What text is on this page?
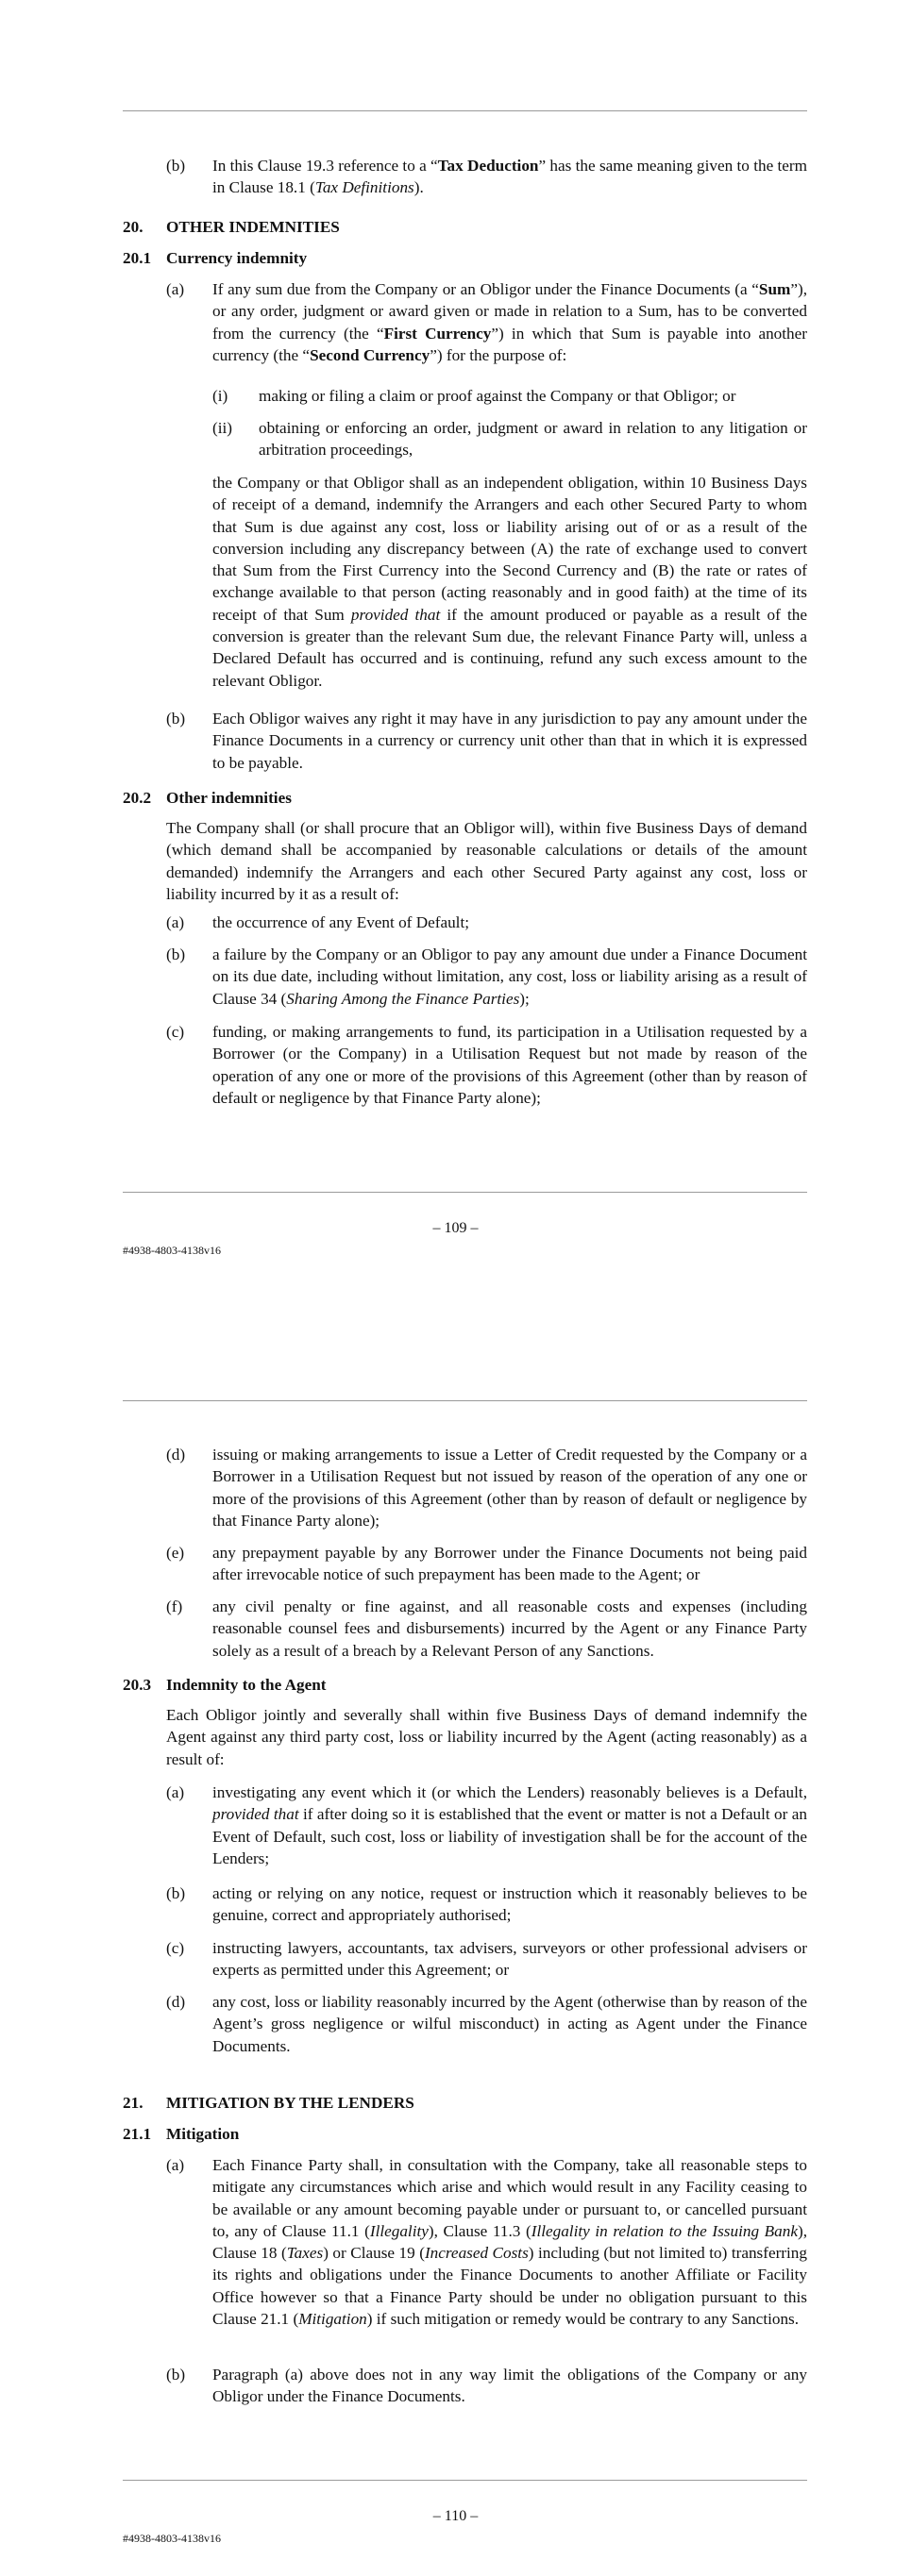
(b) In this Clause 19.3 reference to a “Tax Deduction” has the same meaning given to the term in Clause 18.1 (Tax Definitions).
20. OTHER INDEMNITIES
20.1 Currency indemnity
(a) If any sum due from the Company or an Obligor under the Finance Documents (a “Sum”), or any order, judgment or award given or made in relation to a Sum, has to be converted from the currency (the “First Currency”) in which that Sum is payable into another currency (the “Second Currency”) for the purpose of:
(i) making or filing a claim or proof against the Company or that Obligor; or
(ii) obtaining or enforcing an order, judgment or award in relation to any litigation or arbitration proceedings,
the Company or that Obligor shall as an independent obligation, within 10 Business Days of receipt of a demand, indemnify the Arrangers and each other Secured Party to whom that Sum is due against any cost, loss or liability arising out of or as a result of the conversion including any discrepancy between (A) the rate of exchange used to convert that Sum from the First Currency into the Second Currency and (B) the rate or rates of exchange available to that person (acting reasonably and in good faith) at the time of its receipt of that Sum provided that if the amount produced or payable as a result of the conversion is greater than the relevant Sum due, the relevant Finance Party will, unless a Declared Default has occurred and is continuing, refund any such excess amount to the relevant Obligor.
(b) Each Obligor waives any right it may have in any jurisdiction to pay any amount under the Finance Documents in a currency or currency unit other than that in which it is expressed to be payable.
20.2 Other indemnities
The Company shall (or shall procure that an Obligor will), within five Business Days of demand (which demand shall be accompanied by reasonable calculations or details of the amount demanded) indemnify the Arrangers and each other Secured Party against any cost, loss or liability incurred by it as a result of:
(a) the occurrence of any Event of Default;
(b) a failure by the Company or an Obligor to pay any amount due under a Finance Document on its due date, including without limitation, any cost, loss or liability arising as a result of Clause 34 (Sharing Among the Finance Parties);
(c) funding, or making arrangements to fund, its participation in a Utilisation requested by a Borrower (or the Company) in a Utilisation Request but not made by reason of the operation of any one or more of the provisions of this Agreement (other than by reason of default or negligence by that Finance Party alone);
– 109 –
#4938-4803-4138v16
(d) issuing or making arrangements to issue a Letter of Credit requested by the Company or a Borrower in a Utilisation Request but not issued by reason of the operation of any one or more of the provisions of this Agreement (other than by reason of default or negligence by that Finance Party alone);
(e) any prepayment payable by any Borrower under the Finance Documents not being paid after irrevocable notice of such prepayment has been made to the Agent; or
(f) any civil penalty or fine against, and all reasonable costs and expenses (including reasonable counsel fees and disbursements) incurred by the Agent or any Finance Party solely as a result of a breach by a Relevant Person of any Sanctions.
20.3 Indemnity to the Agent
Each Obligor jointly and severally shall within five Business Days of demand indemnify the Agent against any third party cost, loss or liability incurred by the Agent (acting reasonably) as a result of:
(a) investigating any event which it (or which the Lenders) reasonably believes is a Default, provided that if after doing so it is established that the event or matter is not a Default or an Event of Default, such cost, loss or liability of investigation shall be for the account of the Lenders;
(b) acting or relying on any notice, request or instruction which it reasonably believes to be genuine, correct and appropriately authorised;
(c) instructing lawyers, accountants, tax advisers, surveyors or other professional advisers or experts as permitted under this Agreement; or
(d) any cost, loss or liability reasonably incurred by the Agent (otherwise than by reason of the Agent’s gross negligence or wilful misconduct) in acting as Agent under the Finance Documents.
21. MITIGATION BY THE LENDERS
21.1 Mitigation
(a) Each Finance Party shall, in consultation with the Company, take all reasonable steps to mitigate any circumstances which arise and which would result in any Facility ceasing to be available or any amount becoming payable under or pursuant to, or cancelled pursuant to, any of Clause 11.1 (Illegality), Clause 11.3 (Illegality in relation to the Issuing Bank), Clause 18 (Taxes) or Clause 19 (Increased Costs) including (but not limited to) transferring its rights and obligations under the Finance Documents to another Affiliate or Facility Office however so that a Finance Party should be under no obligation pursuant to this Clause 21.1 (Mitigation) if such mitigation or remedy would be contrary to any Sanctions.
(b) Paragraph (a) above does not in any way limit the obligations of the Company or any Obligor under the Finance Documents.
– 110 –
#4938-4803-4138v16
